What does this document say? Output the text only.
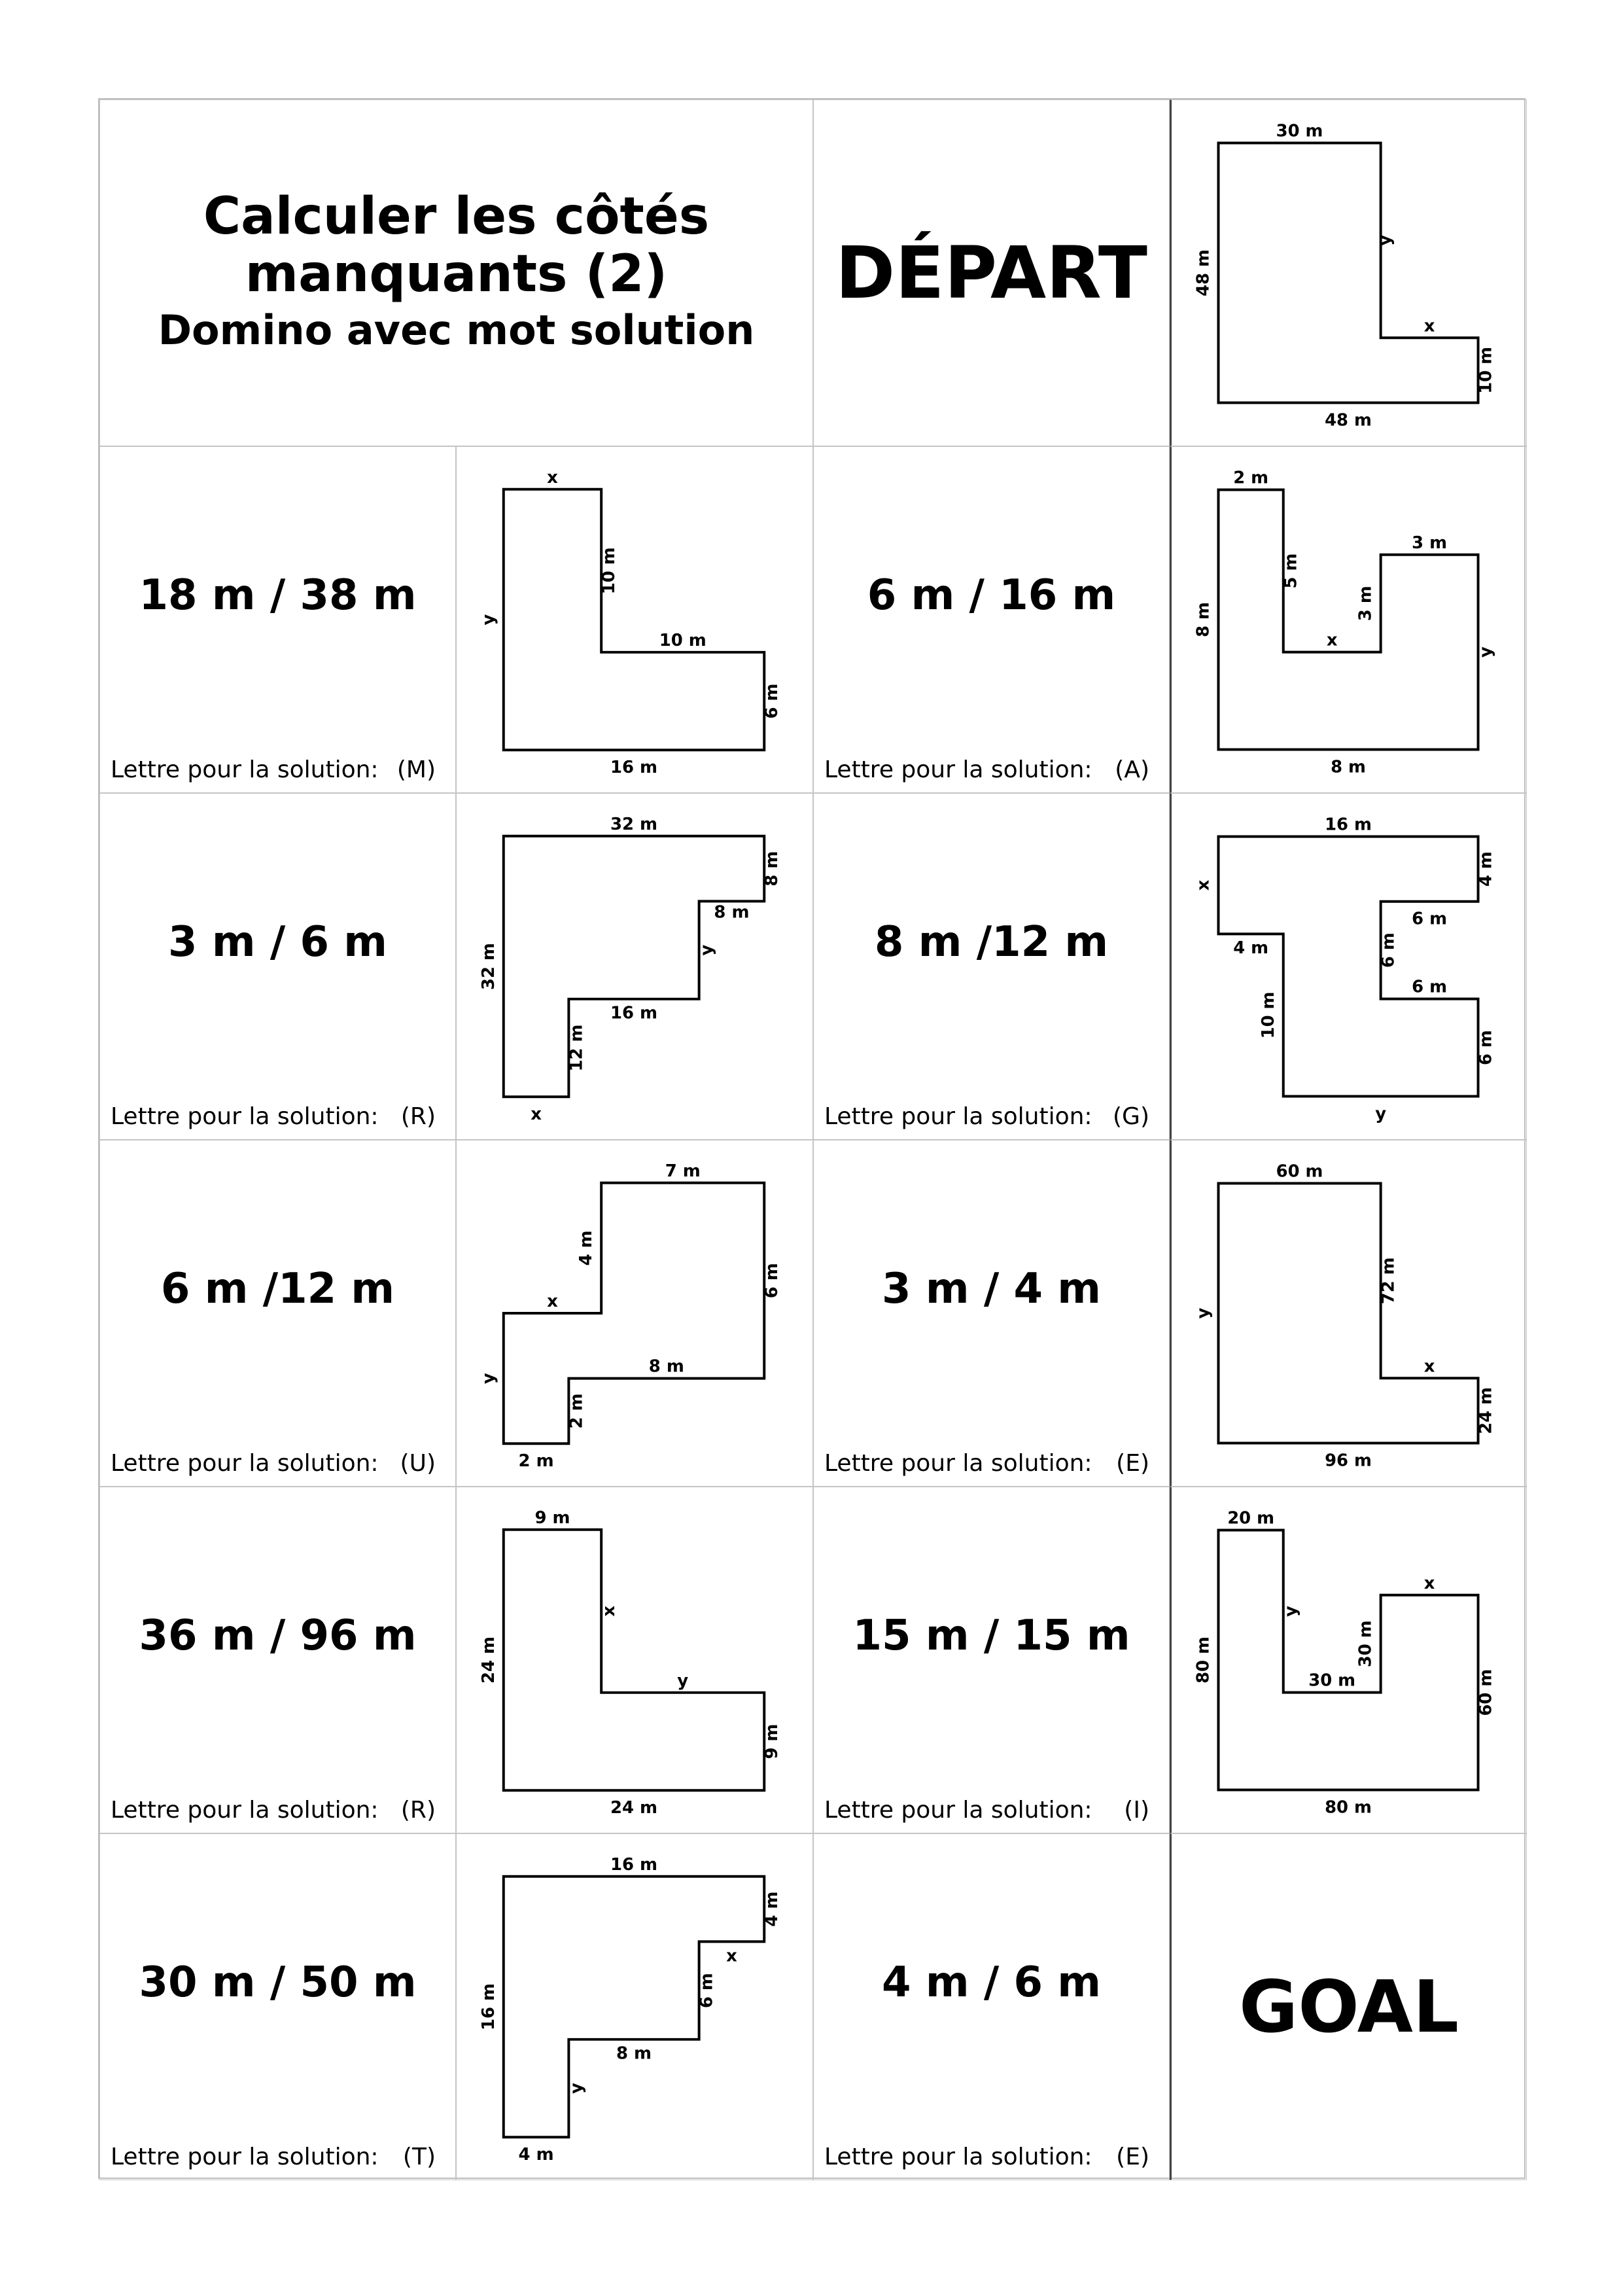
Calculer les côtés
manquants (2)
Domino avec mot solution
DÉPART
30 m
y
x
10 m
48 m
48 m
18 m / 38 m
Lettre pour la solution: (M)
x
10 m
10 m
6 m
16 m
y	6 m / 16 m
Lettre pour la solution: (A)
2 m
5 m
x
3 m
3 m
y
8 m
8 m
3 m / 6 m
Lettre pour la solution: (R)
32 m
8 m
8 m
y
16 m
12 m
x
32 m	8 m /12 m
Lettre pour la solution: (G)
16 m
4 m
6 m
6 m
6 m
6 m
y
10 m
4 m
x
6 m /12 m
Lettre pour la solution: (U)
7 m
4 m
6 m
x
8 m
2 m
2 m
y
3 m / 4 m
Lettre pour la solution: (E)
60 m
72 m
x
24 m
96 m
y
36 m / 96 m
Lettre pour la solution: (R)
9 m
x
y
9 m
24 m
24 m	15 m / 15 m
Lettre pour la solution: (I)
20 m
y
30 m
30 m
x
60 m
80 m
80 m
30 m / 50 m
Lettre pour la solution: (T)
16 m
4 m
x
6 m
8 m
y
4 m
16 m	4 m / 6 m
Lettre pour la solution: (E)
GOAL
